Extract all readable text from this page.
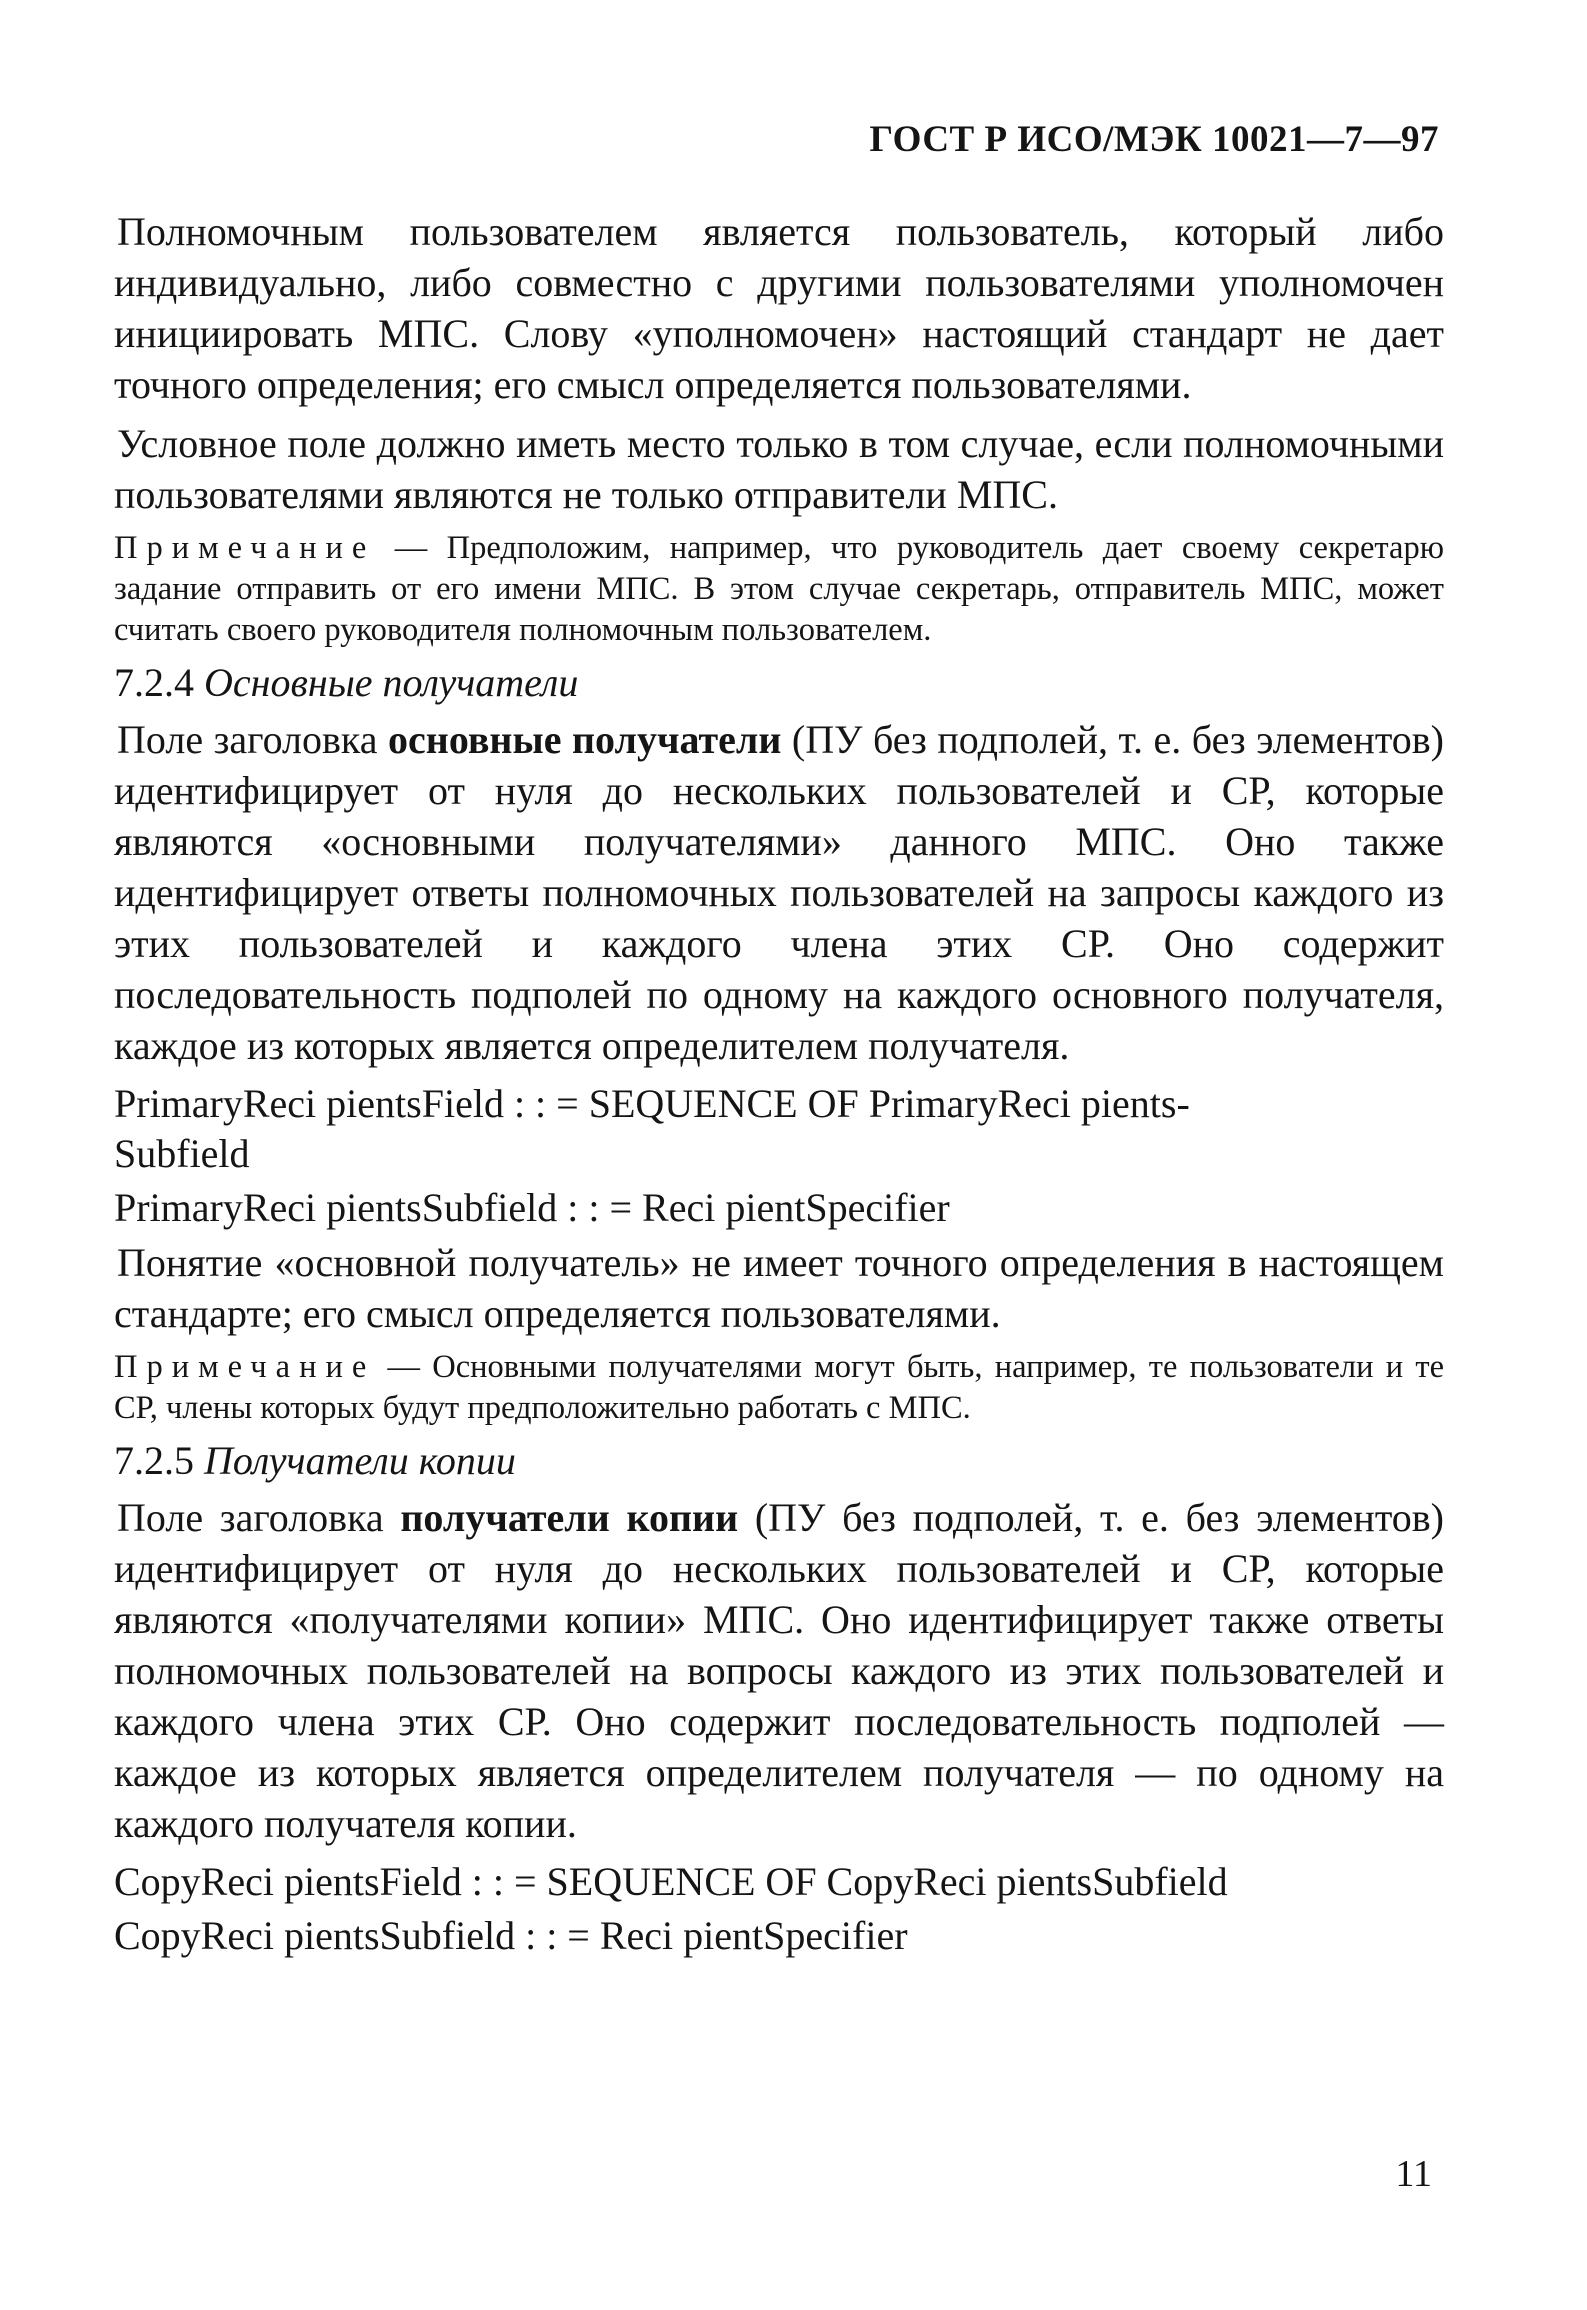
ГОСТ Р ИСО/МЭК 10021—7—97

Полномочным пользователем является пользователь, который либо индивидуально, либо совместно с другими пользователями уполномочен инициировать МПС. Слову «уполномочен» настоящий стандарт не дает точного определения; его смысл определяется пользователями.

Условное поле должно иметь место только в том случае, если полномочными пользователями являются не только отправители МПС.

Примечание — Предположим, например, что руководитель дает своему секретарю задание отправить от его имени МПС. В этом случае секретарь, отправитель МПС, может считать своего руководителя полномочным пользователем.

7.2.4 Основные получатели

Поле заголовка основные получатели (ПУ без подполей, т. е. без элементов) идентифицирует от нуля до нескольких пользователей и СР, которые являются «основными получателями» данного МПС. Оно также идентифицирует ответы полномочных пользователей на запросы каждого из этих пользователей и каждого члена этих СР. Оно содержит последовательность подполей по одному на каждого основного получателя, каждое из которых является определителем получателя.

PrimaryReci pientsField : : = SEQUENCE OF PrimaryReci pients-
Subfield
PrimaryReci pientsSubfield : : = Reci pientSpecifier

Понятие «основной получатель» не имеет точного определения в настоящем стандарте; его смысл определяется пользователями.

Примечание — Основными получателями могут быть, например, те пользователи и те СР, члены которых будут предположительно работать с МПС.

7.2.5 Получатели копии

Поле заголовка получатели копии (ПУ без подполей, т. е. без элементов) идентифицирует от нуля до нескольких пользователей и СР, которые являются «получателями копии» МПС. Оно идентифицирует также ответы полномочных пользователей на вопросы каждого из этих пользователей и каждого члена этих СР. Оно содержит последовательность подполей — каждое из которых является определителем получателя — по одному на каждого получателя копии.

CopyReci pientsField : : = SEQUENCE OF CopyReci pientsSubfield
CopyReci pientsSubfield : : = Reci pientSpecifier
11
